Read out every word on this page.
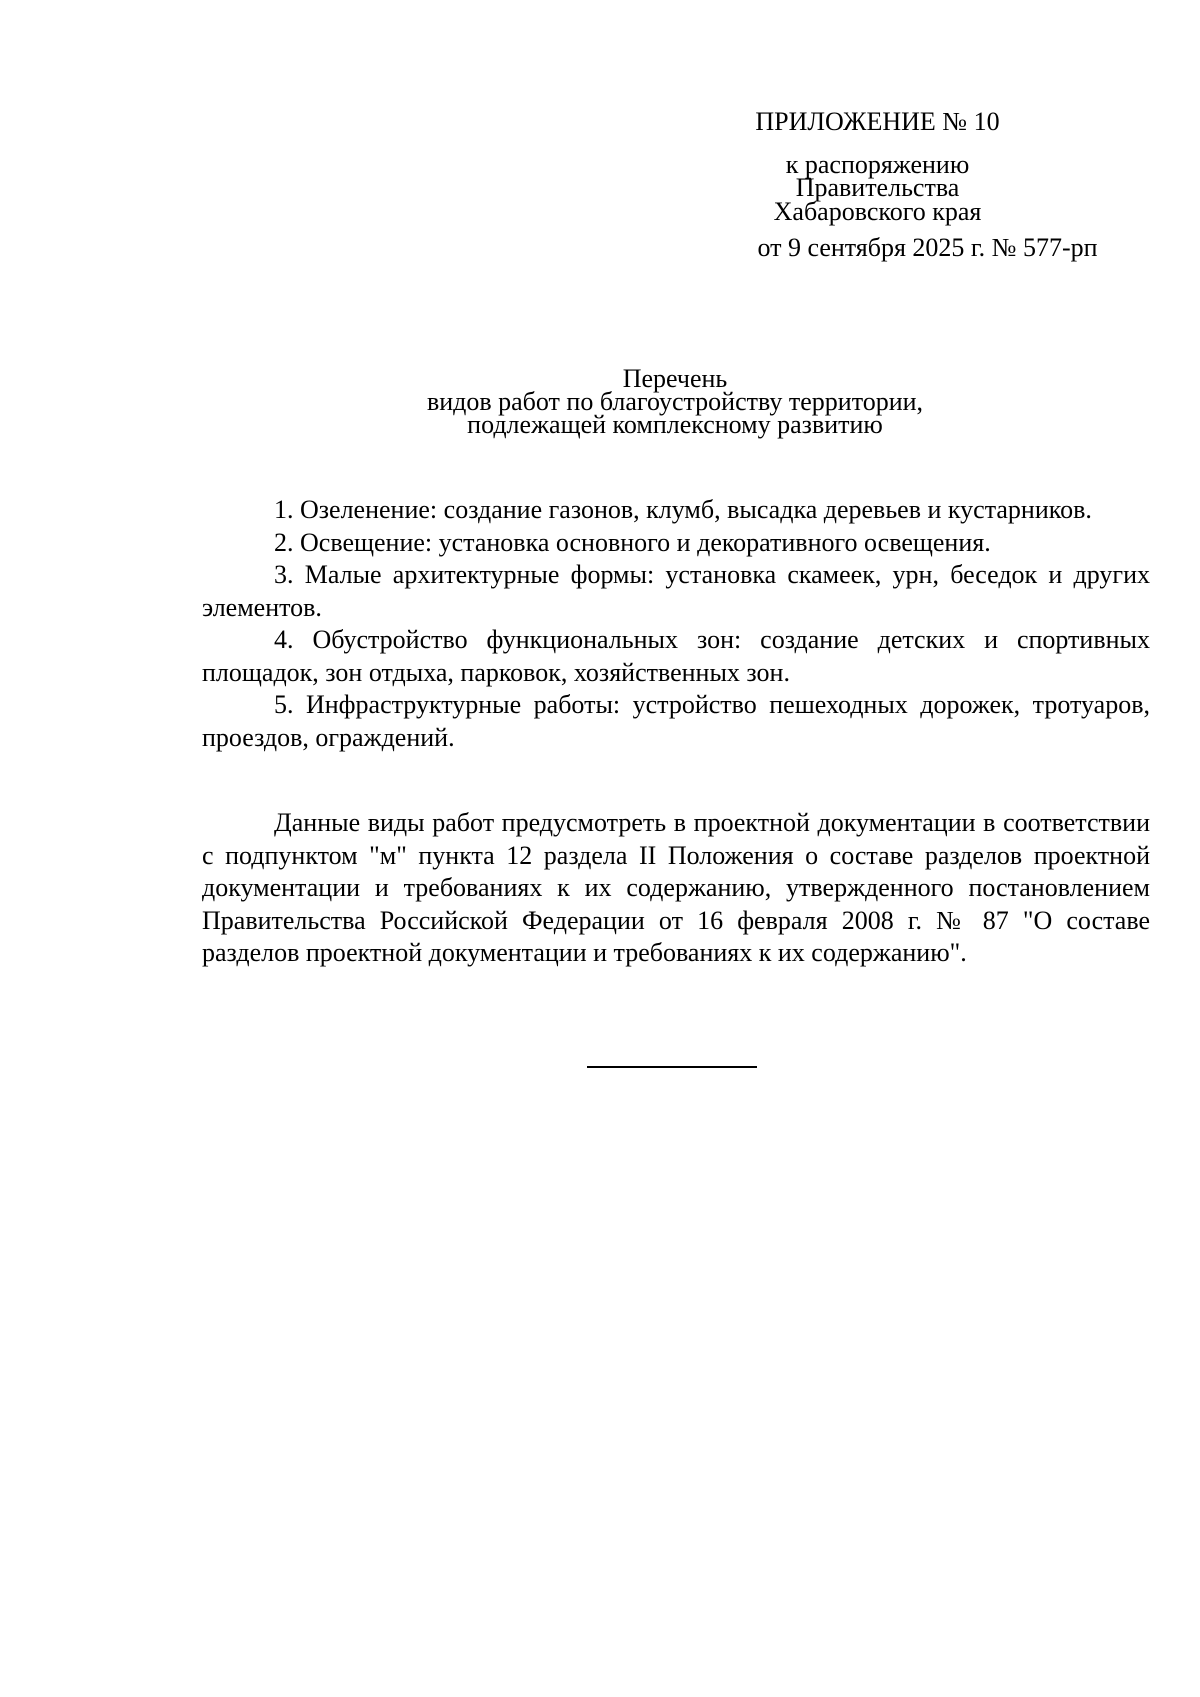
ПРИЛОЖЕНИЕ № 10
к распоряжению
Правительства
Хабаровского края
от 9 сентября 2025 г. № 577-рп
Перечень
видов работ по благоустройству территории,
подлежащей комплексному развитию

1. Озеленение: создание газонов, клумб, высадка деревьев и кустарников.

2. Освещение: установка основного и декоративного освещения.

3. Малые архитектурные формы: установка скамеек, урн, беседок и других элементов.

4. Обустройство функциональных зон: создание детских и спортивных площадок, зон отдыха, парковок, хозяйственных зон.

5. Инфраструктурные работы: устройство пешеходных дорожек, тротуаров, проездов, ограждений.

Данные виды работ предусмотреть в проектной документации в соответствии с подпунктом "м" пункта 12 раздела II Положения о составе разделов проектной документации и требованиях к их содержанию, утвержденного постановлением Правительства Российской Федерации от 16 февраля 2008 г. № 87 "О составе разделов проектной документации и требованиях к их содержанию".
